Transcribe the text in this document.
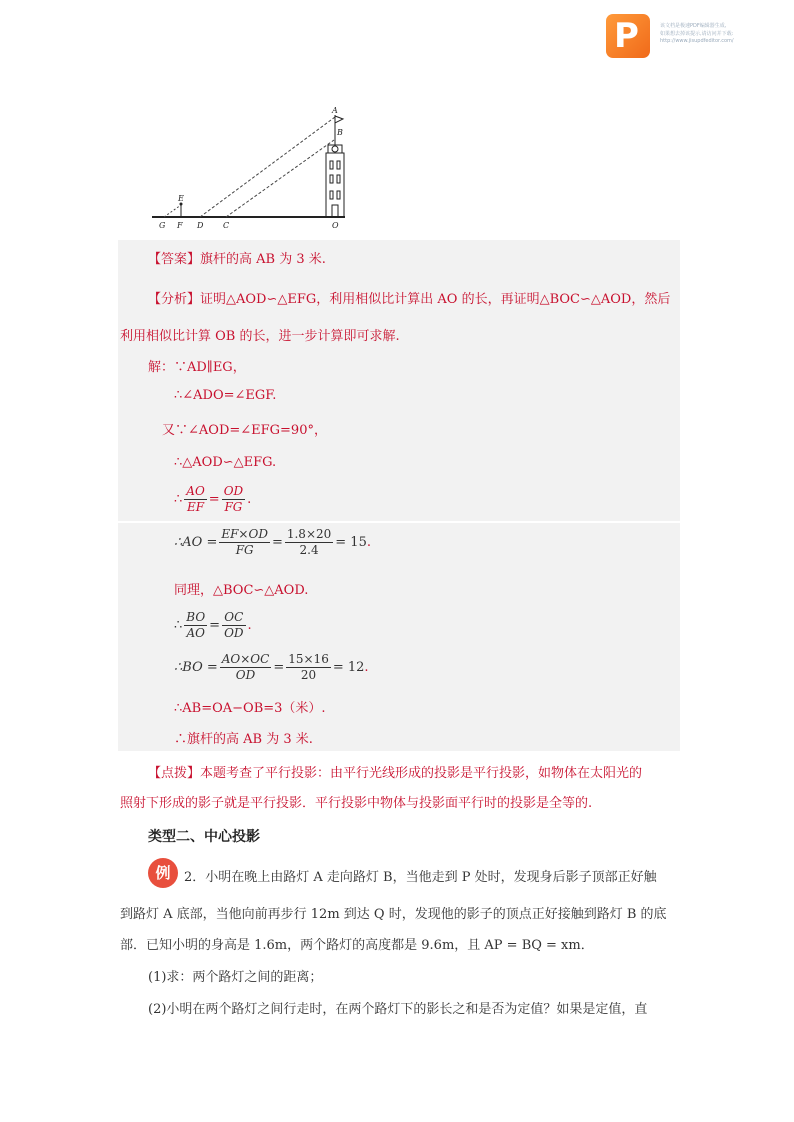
P	该文档是极速PDF编辑器生成,
如果想去掉该提示,请访问并下载:
http://www.jisupdfeditor.com/
A
B
E
G F D C	O
【答案】旗杆的高 AB 为 3 米.
【分析】证明△AOD∽△EFG，利用相似比计算出 AO 的长，再证明△BOC∽△AOD，然后
利用相似比计算 OB 的长，进一步计算即可求解.
解：∵AD∥EG，
∴∠ADO=∠EGF.
又∵∠AOD=∠EFG=90°，
∴△AOD∽△EFG.
∴ $\frac{AO}{EF} = \frac{OD}{FG}$ .
∴AO = $\frac{EF\times OD}{FG} = \frac{1.8⨯20}{2.4} = 15$ .
同理，△BOC∽△AOD.
∴ $\frac{BO}{AO} = \frac{OC}{OD}$ .
∴BO = $\frac{AO\times OC}{OD} = \frac{15⨯16}{20} = 12$ .
∴AB=OA−OB=3（米）.
∴旗杆的高 AB 为 3 米.
【点拨】本题考查了平行投影：由平行光线形成的投影是平行投影，如物体在太阳光的
照射下形成的影子就是平行投影．平行投影中物体与投影面平行时的投影是全等的.
类型二、中心投影
例	2．小明在晚上由路灯 A 走向路灯 B，当他走到 P 处时，发现身后影子顶部正好触
到路灯 A 底部，当他向前再步行 12m 到达 Q 时，发现他的影子的顶点正好接触到路灯 B 的底
部．已知小明的身高是 1.6m，两个路灯的高度都是 9.6m，且 AP = BQ = xm．
(1)求：两个路灯之间的距离；
(2)小明在两个路灯之间行走时，在两个路灯下的影长之和是否为定值？如果是定值，直
